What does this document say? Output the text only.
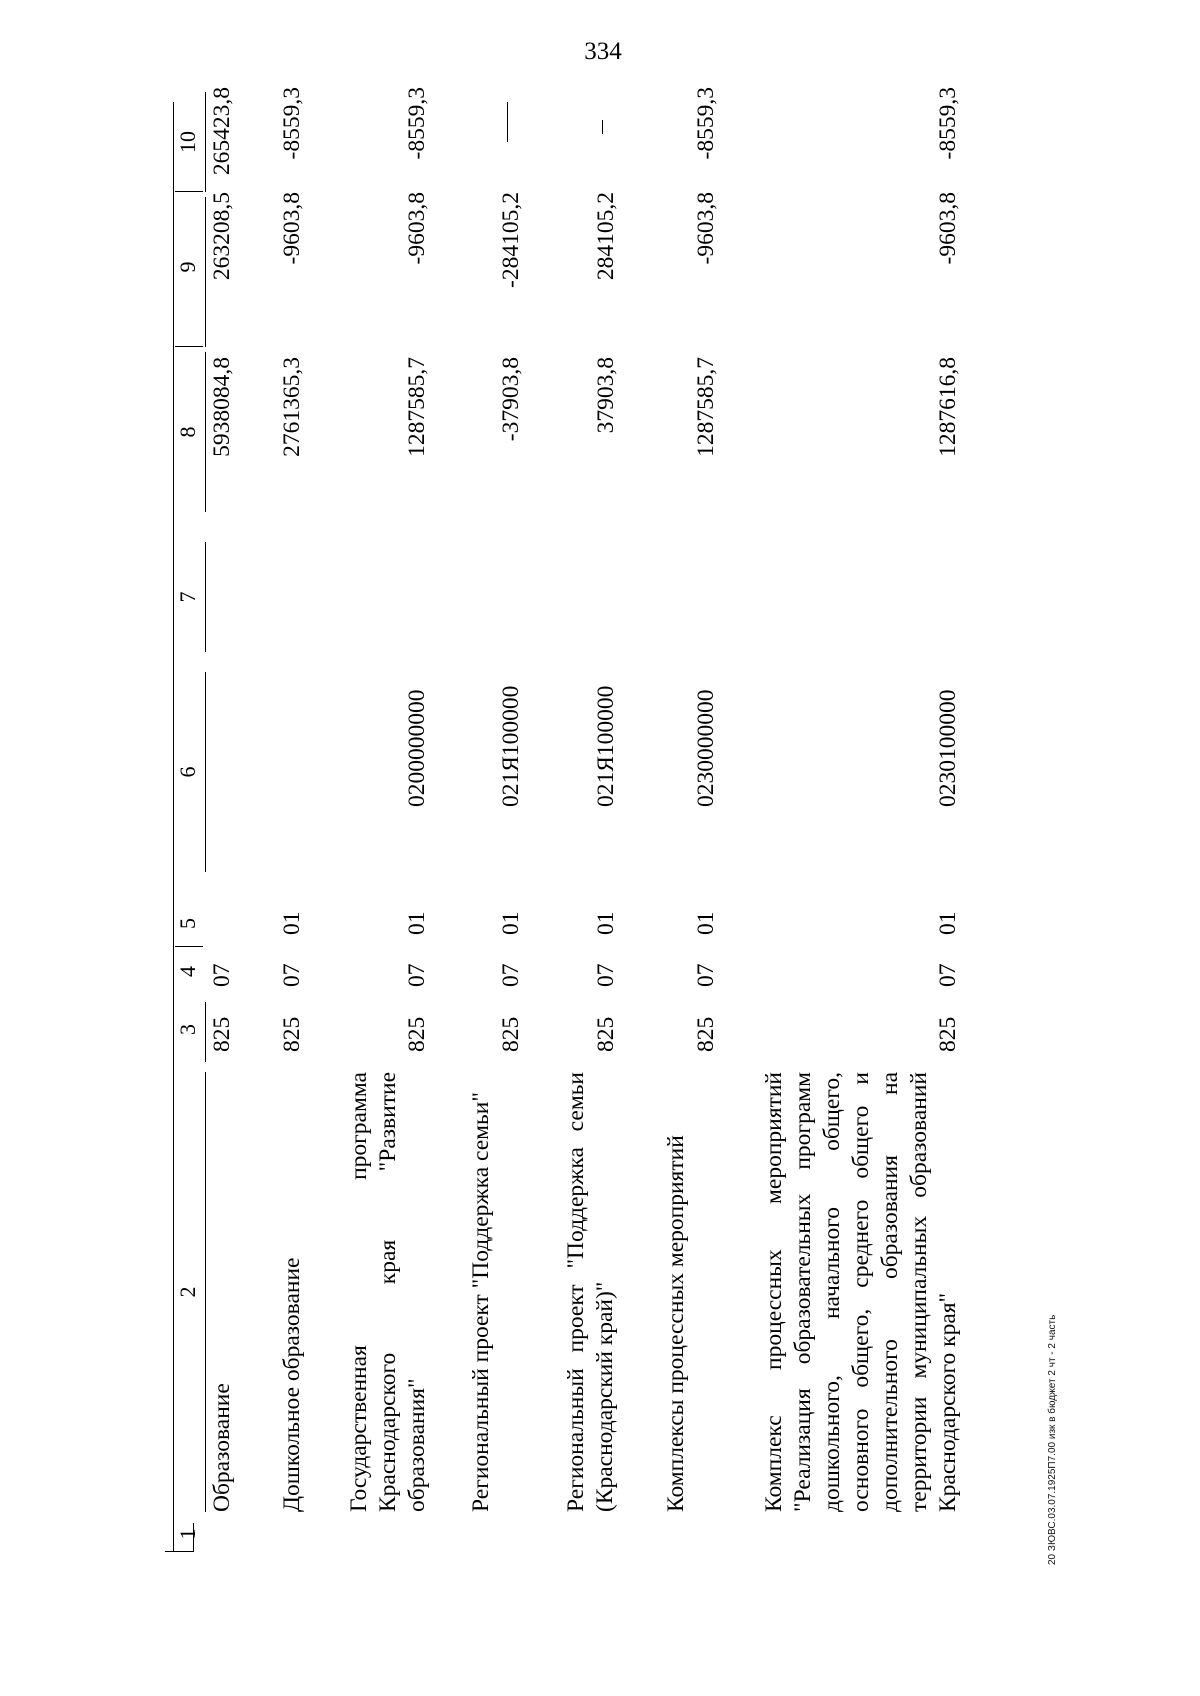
334
1
2
3
4
5
6
7
8
9
10
Образование
825
07
5938084,8
263208,5
265423,8
Дошкольное образование
825
07
01
2761365,3
-9603,8
-8559,3
Государственная программа Краснодарского края "Развитие образования"
825
07
01
0200000000
1287585,7
-9603,8
-8559,3
Региональный проект "Поддержка семьи"
825
07
01
021Я100000
-37903,8
-284105,2
Региональный проект "Поддержка семьи (Краснодарский край)"
825
07
01
021Я100000
37903,8
284105,2
Комплексы процессных мероприятий
825
07
01
0230000000
1287585,7
-9603,8
-8559,3
Комплекс процессных мероприятий "Реализация образовательных программ дошкольного, начального общего, основного общего, среднего общего и дополнительного образования на территории муниципальных образований Краснодарского края"
825
07
01
0230100000
1287616,8
-9603,8
-8559,3
20 ЗЮВС.03.07.1925П7.00 изк в бюджет 2 чт - 2 часть
